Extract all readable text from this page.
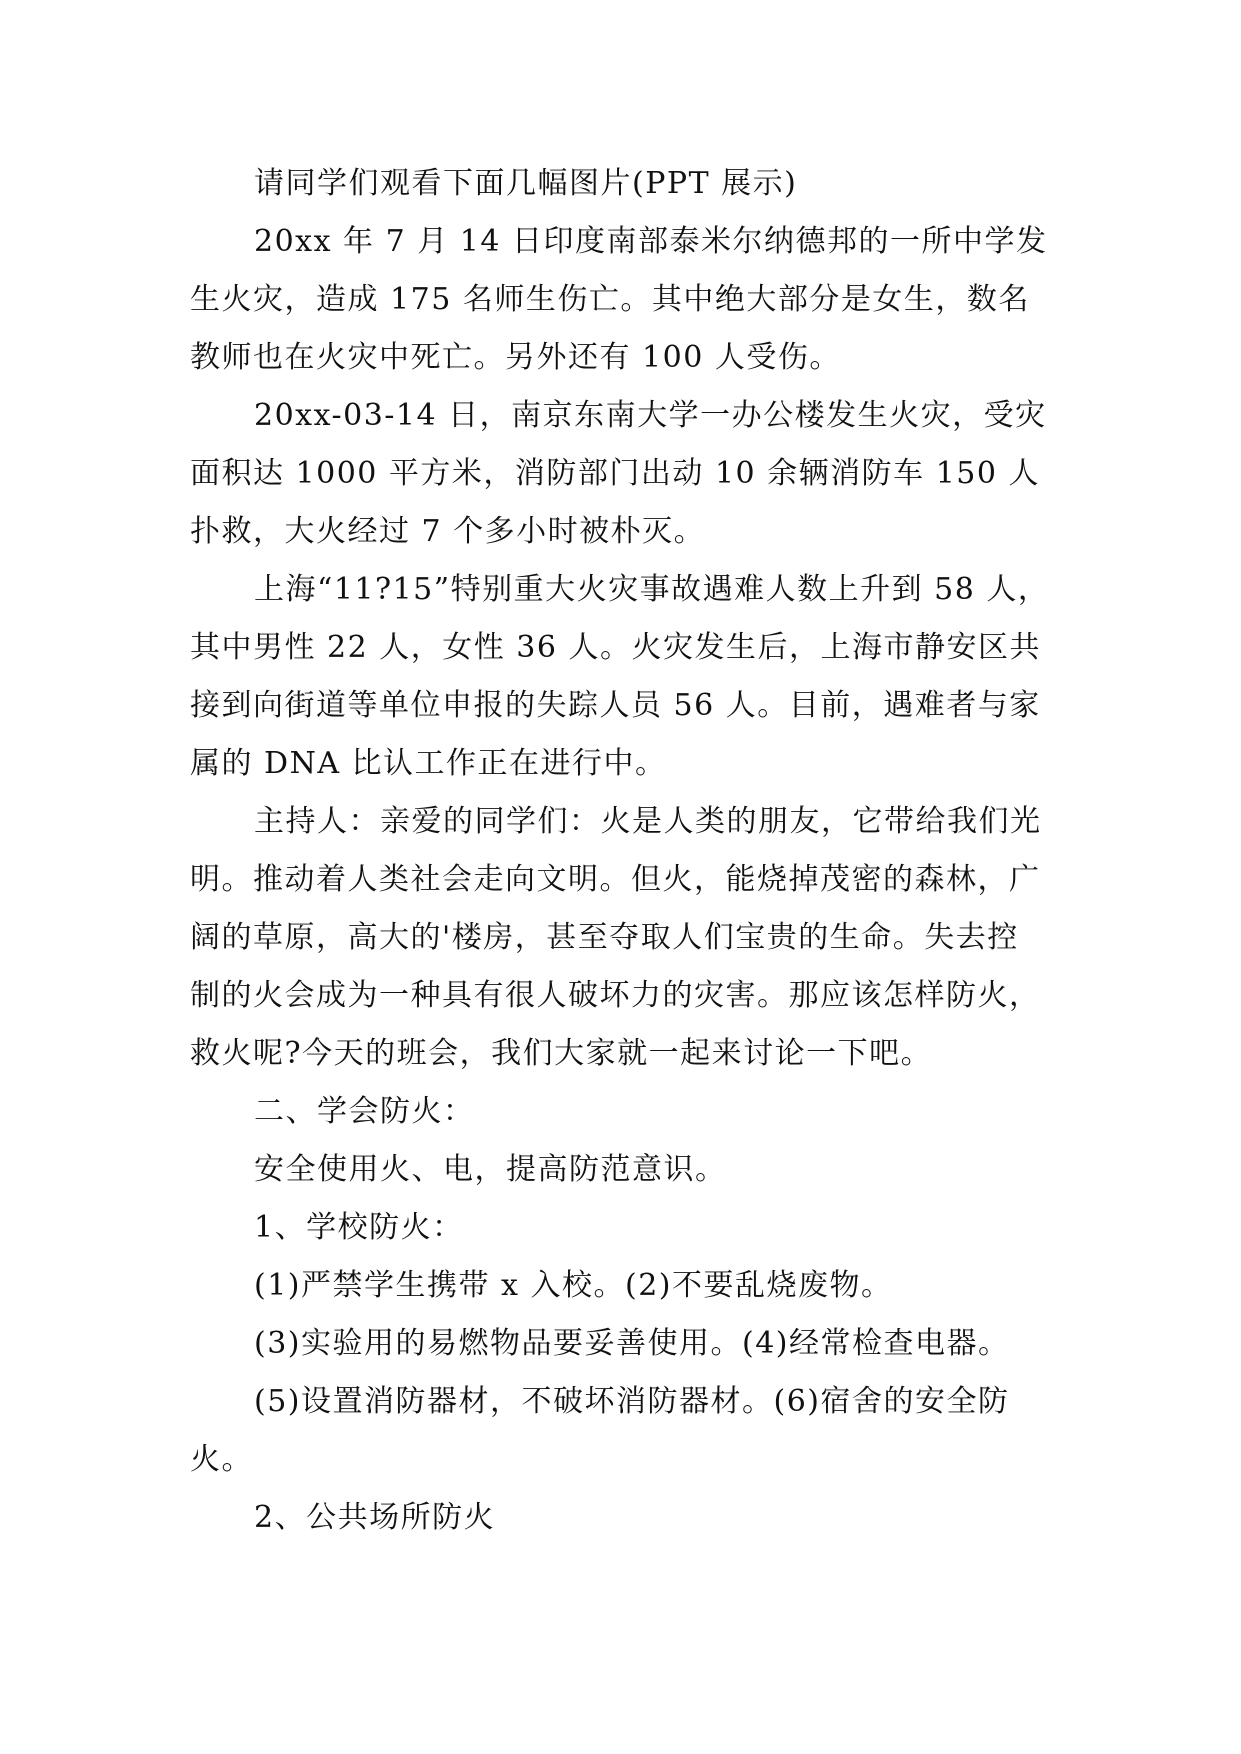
请同学们观看下面几幅图片(PPT 展示)

20xx 年 7 月 14 日印度南部泰米尔纳德邦的一所中学发生火灾，造成 175 名师生伤亡。其中绝大部分是女生，数名教师也在火灾中死亡。另外还有 100 人受伤。

20xx-03-14 日，南京东南大学一办公楼发生火灾，受灾面积达 1000 平方米，消防部门出动 10 余辆消防车 150 人扑救，大火经过 7 个多小时被朴灭。

上海“11?15”特别重大火灾事故遇难人数上升到 58 人，其中男性 22 人，女性 36 人。火灾发生后，上海市静安区共接到向街道等单位申报的失踪人员 56 人。目前，遇难者与家属的 DNA 比认工作正在进行中。

主持人：亲爱的同学们：火是人类的朋友，它带给我们光明。推动着人类社会走向文明。但火，能烧掉茂密的森林，广阔的草原，高大的'楼房，甚至夺取人们宝贵的生命。失去控制的火会成为一种具有很人破坏力的灾害。那应该怎样防火，救火呢?今天的班会，我们大家就一起来讨论一下吧。

二、学会防火：

安全使用火、电，提高防范意识。

1、学校防火：

(1)严禁学生携带 x 入校。(2)不要乱烧废物。

(3)实验用的易燃物品要妥善使用。(4)经常检查电器。

(5)设置消防器材，不破坏消防器材。(6)宿舍的安全防火。

2、公共场所防火
